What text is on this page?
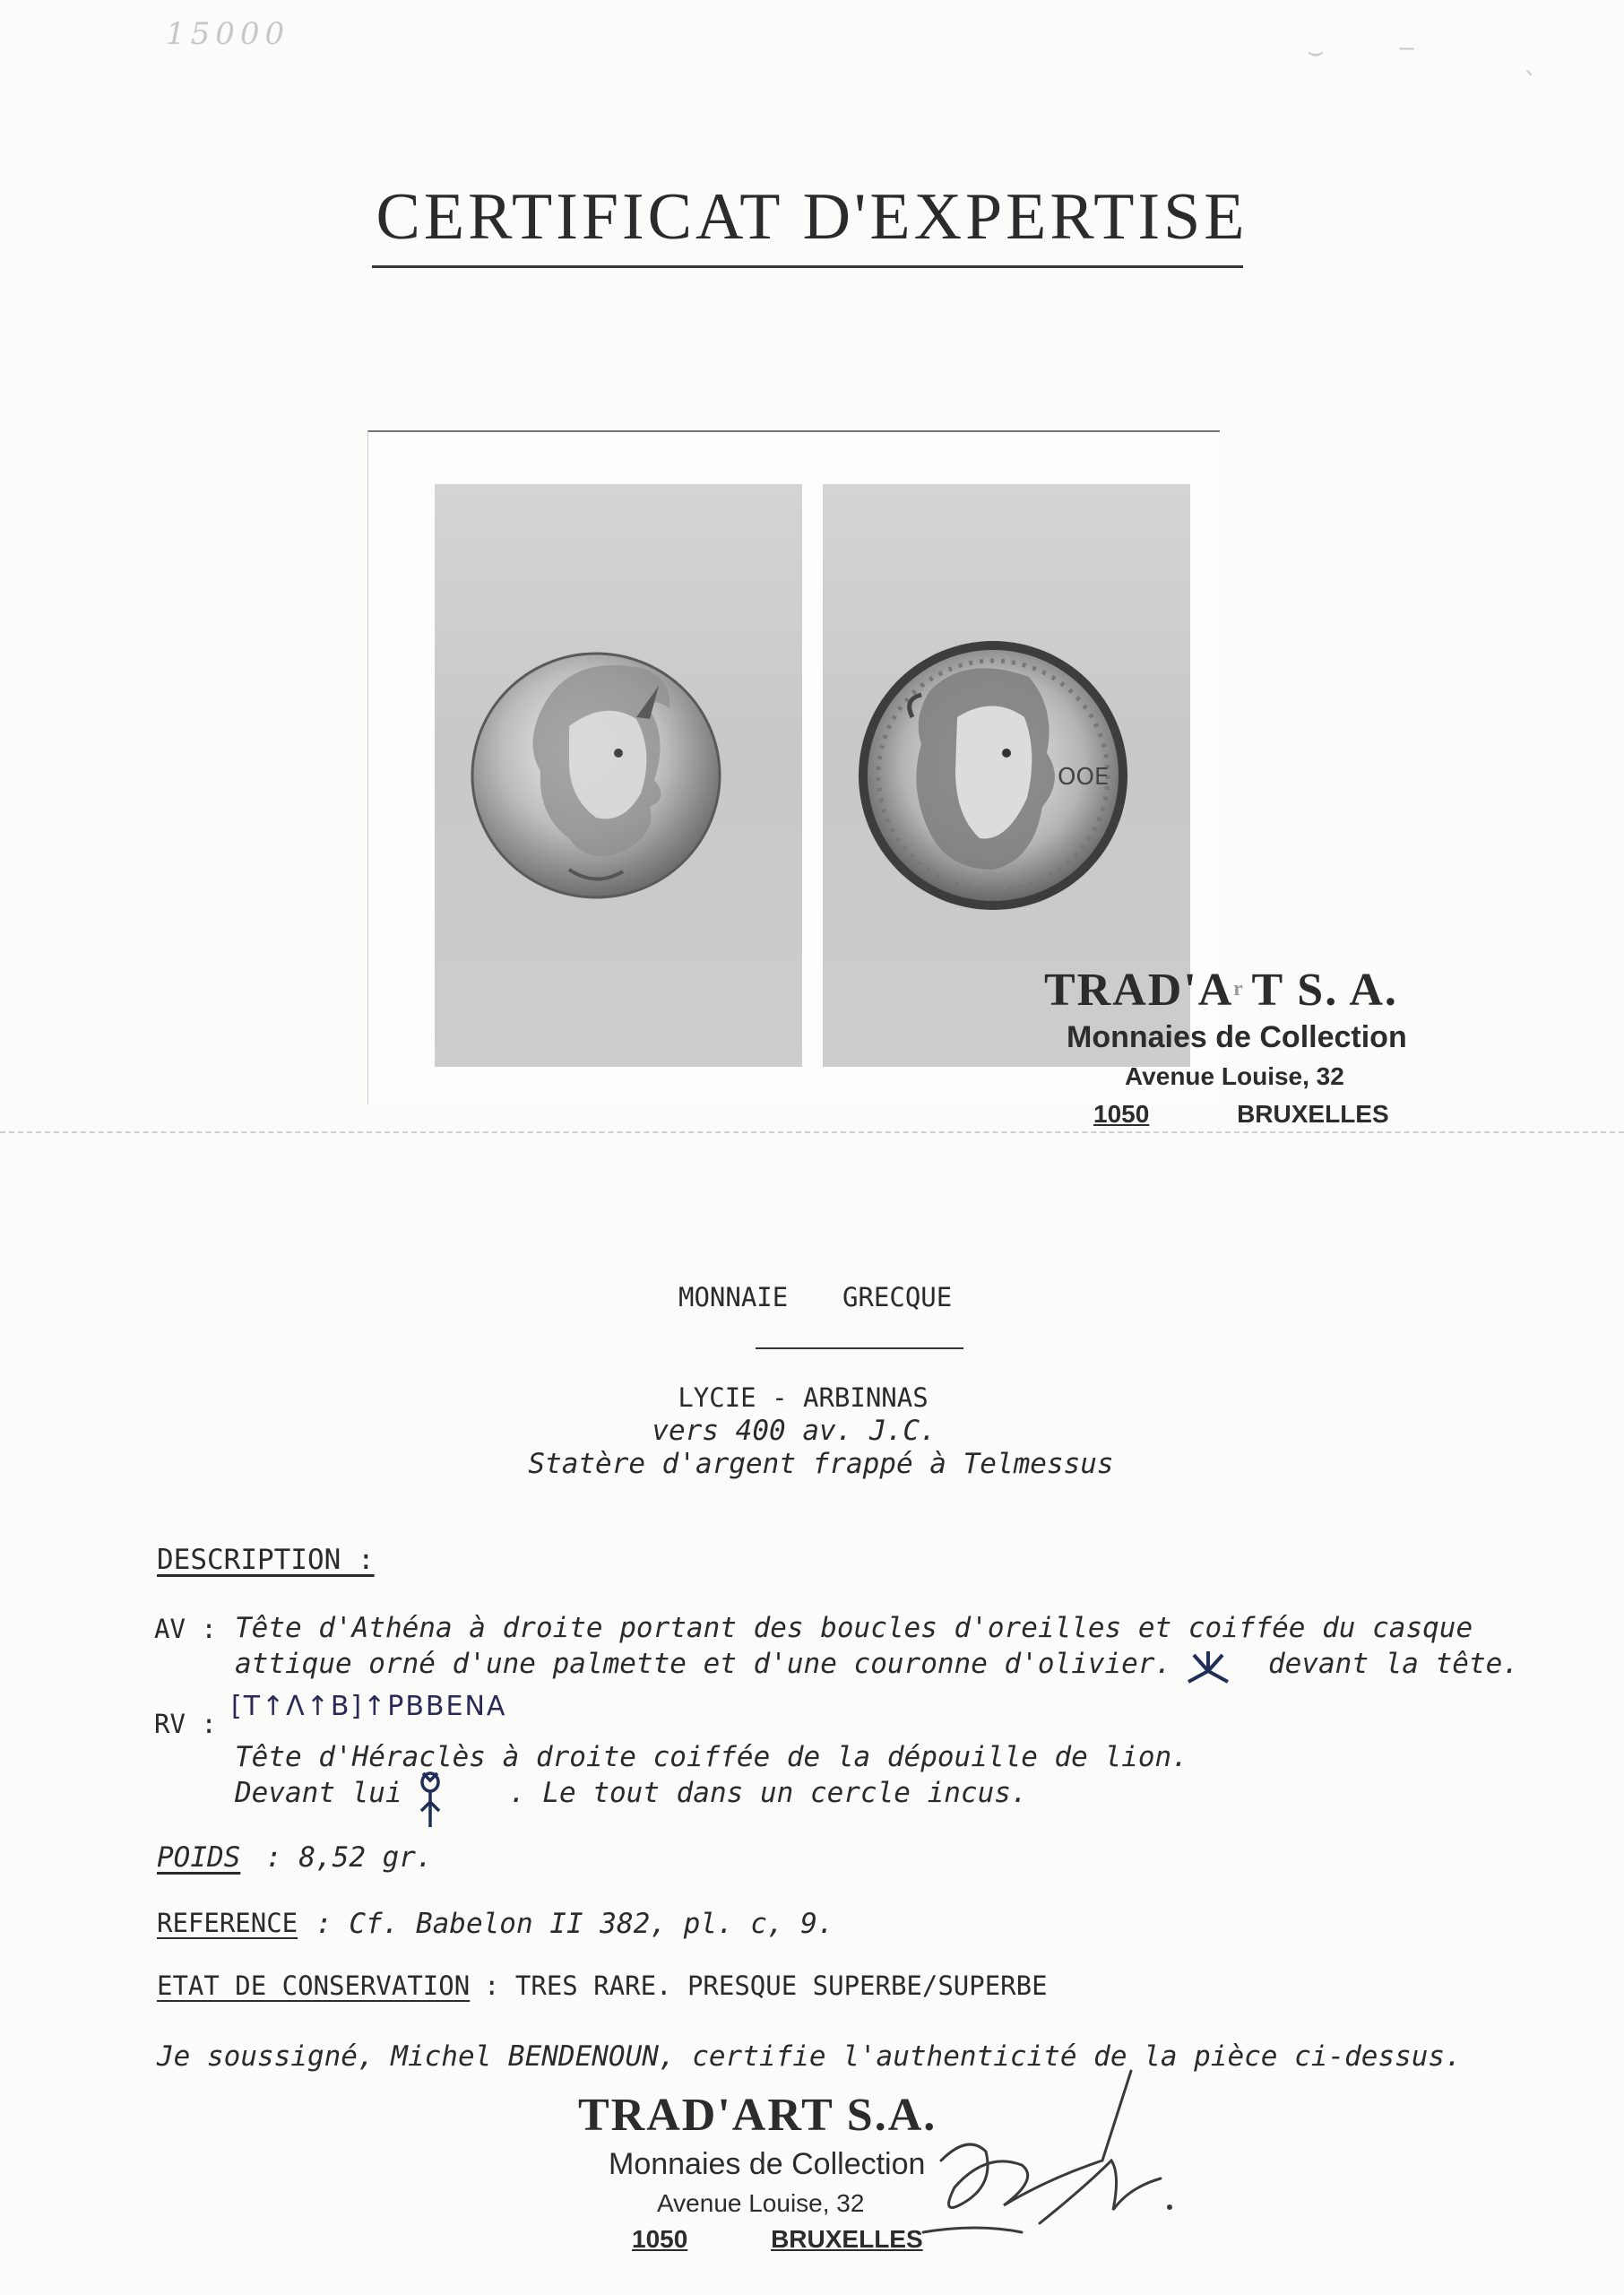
15000	⌣	‒	ˎ
CERTIFICAT D'EXPERTISE
OOE
TRAD'Aʳ T S. A.
Monnaies de Collection
Avenue Louise, 32
1050	BRUXELLES
MONNAIE GRECQUE
LYCIE - ARBINNAS
vers 400 av. J.C.
Statère d'argent frappé à Telmessus
DESCRIPTION :
AV : Tête d'Athéna à droite portant des boucles d'oreilles et coiffée du casque
attique orné d'une palmette et d'une couronne d'olivier.	devant la tête.
RV :
[T↑Λ↑B]↑PBBENA
Tête d'Héraclès à droite coiffée de la dépouille de lion.
Devant lui	. Le tout dans un cercle incus.
POIDS : 8,52 gr.
REFERENCE : Cf. Babelon II 382, pl. c, 9.
ETAT DE CONSERVATION : TRES RARE. PRESQUE SUPERBE/SUPERBE
Je soussigné, Michel BENDENOUN, certifie l'authenticité de la pièce ci-dessus.
TRAD'ART S.A.
Monnaies de Collection
Avenue Louise, 32
1050	BRUXELLES
